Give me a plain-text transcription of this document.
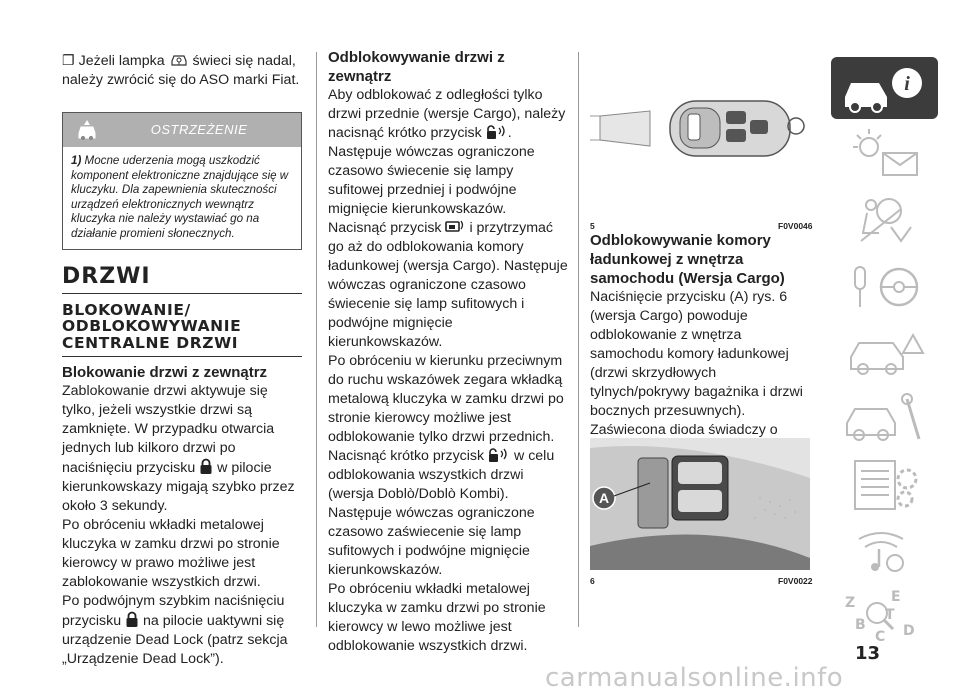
❐ Jeżeli lampka świeci się nadal, należy zwrócić się do ASO marki Fiat.

OSTRZEŻENIE
1) Mocne uderzenia mogą uszkodzić komponent elektroniczne znajdujące się w kluczyku. Dla zapewnienia skuteczności urządzeń elektronicznych wewnątrz kluczyka nie należy wystawiać go na działanie promieni słonecznych.
DRZWI
BLOKOWANIE/ ODBLOKOWYWANIE CENTRALNE DRZWI
Blokowanie drzwi z zewnątrz

Zablokowanie drzwi aktywuje się tylko, jeżeli wszystkie drzwi są zamknięte. W przypadku otwarcia jednych lub kilkoro drzwi po naciśnięciu przycisku w pilocie kierunkowskazy migają szybko przez około 3 sekundy.

Po obróceniu wkładki metalowej kluczyka w zamku drzwi po stronie kierowcy w prawo możliwe jest zablokowanie wszystkich drzwi.

Po podwójnym szybkim naciśnięciu przycisku na pilocie uaktywni się urządzenie Dead Lock (patrz sekcja „Urządzenie Dead Lock”).

Odblokowywanie drzwi z zewnątrz

Aby odblokować z odległości tylko drzwi przednie (wersje Cargo), należy nacisnąć krótko przycisk .

Następuje wówczas ograniczone czasowo świecenie się lampy sufitowej przedniej i podwójne mignięcie kierunkowskazów.

Nacisnąć przycisk i przytrzymać go aż do odblokowania komory ładunkowej (wersja Cargo). Następuje wówczas ograniczone czasowo świecenie się lamp sufitowych i podwójne mignięcie kierunkowskazów.

Po obróceniu w kierunku przeciwnym do ruchu wskazówek zegara wkładką metalową kluczyka w zamku drzwi po stronie kierowcy możliwe jest odblokowanie tylko drzwi przednich.

Nacisnąć krótko przycisk w celu odblokowania wszystkich drzwi (wersja Doblò/Doblò Kombi). Następuje wówczas ograniczone czasowo zaświecenie się lamp sufitowych i podwójne mignięcie kierunkowskazów.

Po obróceniu wkładki metalowej kluczyka w zamku drzwi po stronie kierowcy w lewo możliwe jest odblokowanie wszystkich drzwi.

5	F0V0046
Odblokowywanie komory ładunkowej z wnętrza samochodu (Wersja Cargo)

Naciśnięcie przycisku (A) rys. 6 (wersja Cargo) powoduje odblokowanie z wnętrza samochodu komory ładunkowej (drzwi skrzydłowych tylnych/pokrywy bagażnika i drzwi bocznych przesuwnych). Zaświecona dioda świadczy o

A
6	F0V0022
i
Z	E
B	D
C
T
13
carmanualsonline.info
